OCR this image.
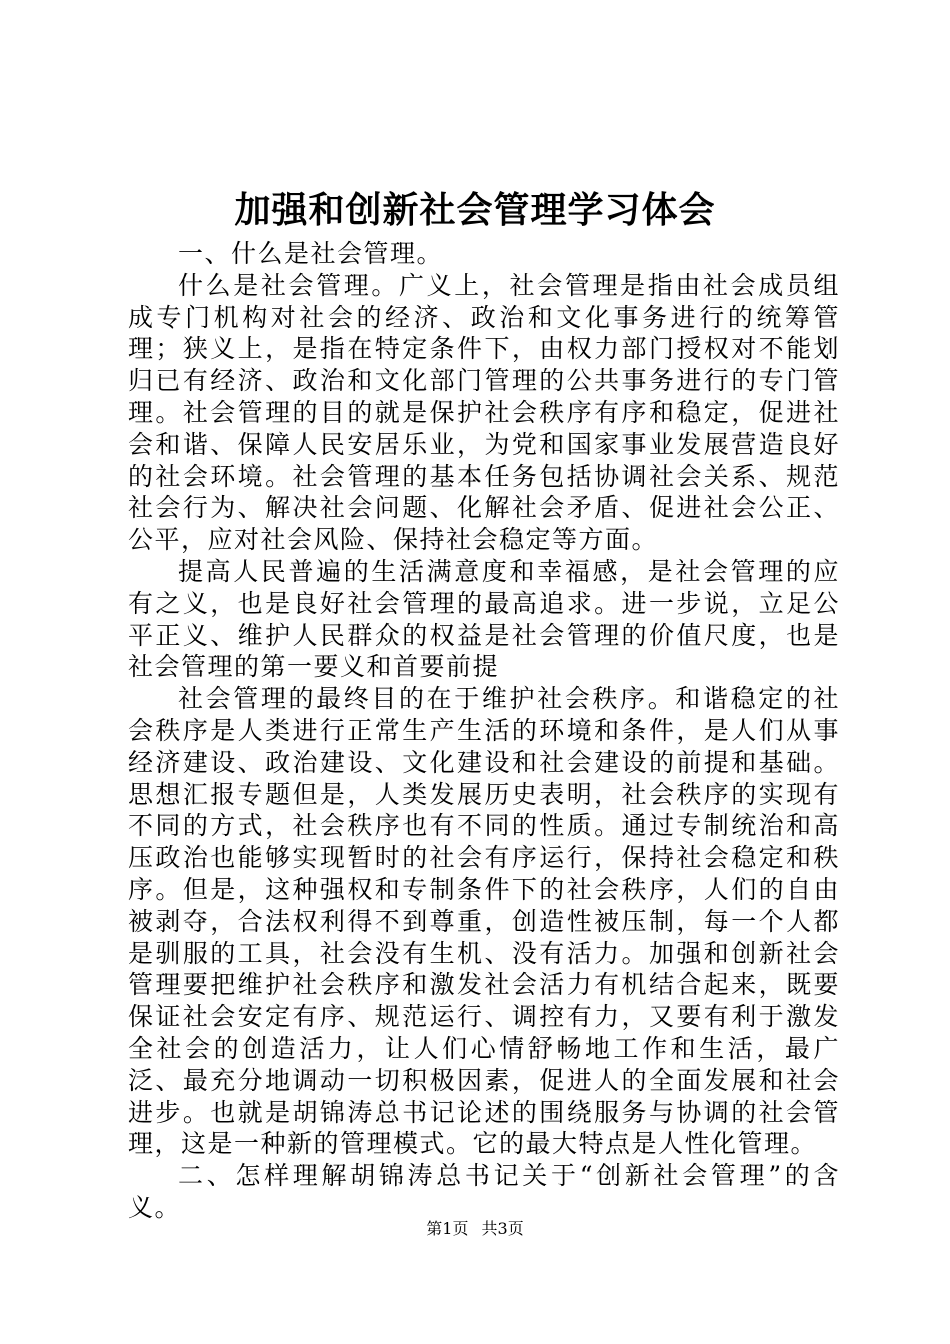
加强和创新社会管理学习体会

一、什么是社会管理。

什么是社会管理。广义上，社会管理是指由社会成员组成专门机构对社会的经济、政治和文化事务进行的统筹管理；狭义上，是指在特定条件下，由权力部门授权对不能划归已有经济、政治和文化部门管理的公共事务进行的专门管理。社会管理的目的就是保护社会秩序有序和稳定，促进社会和谐、保障人民安居乐业，为党和国家事业发展营造良好的社会环境。社会管理的基本任务包括协调社会关系、规范社会行为、解决社会问题、化解社会矛盾、促进社会公正、公平，应对社会风险、保持社会稳定等方面。

提高人民普遍的生活满意度和幸福感，是社会管理的应有之义，也是良好社会管理的最高追求。进一步说，立足公平正义、维护人民群众的权益是社会管理的价值尺度，也是社会管理的第一要义和首要前提

社会管理的最终目的在于维护社会秩序。和谐稳定的社会秩序是人类进行正常生产生活的环境和条件，是人们从事经济建设、政治建设、文化建设和社会建设的前提和基础。思想汇报专题但是，人类发展历史表明，社会秩序的实现有不同的方式，社会秩序也有不同的性质。通过专制统治和高压政治也能够实现暂时的社会有序运行，保持社会稳定和秩序。但是，这种强权和专制条件下的社会秩序，人们的自由被剥夺，合法权利得不到尊重，创造性被压制，每一个人都是驯服的工具，社会没有生机、没有活力。加强和创新社会管理要把维护社会秩序和激发社会活力有机结合起来，既要保证社会安定有序、规范运行、调控有力，又要有利于激发全社会的创造活力，让人们心情舒畅地工作和生活，最广泛、最充分地调动一切积极因素，促进人的全面发展和社会进步。也就是胡锦涛总书记论述的围绕服务与协调的社会管理，这是一种新的管理模式。它的最大特点是人性化管理。

二、怎样理解胡锦涛总书记关于“创新社会管理”的含义。

第1页 共3页
